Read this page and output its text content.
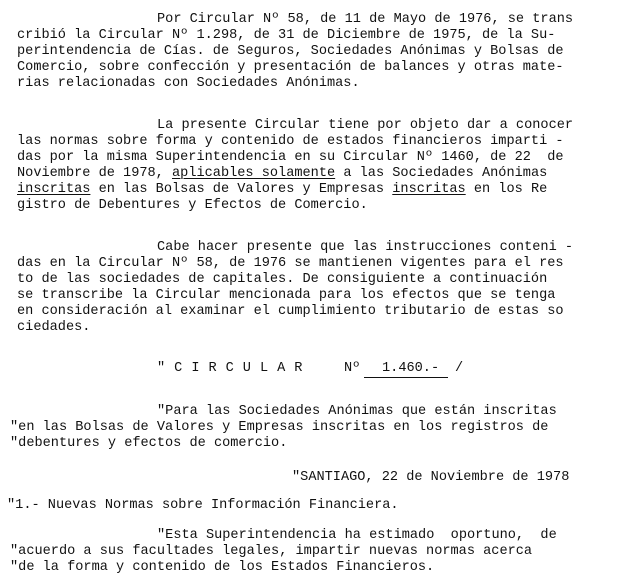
Por Circular Nº 58, de 11 de Mayo de 1976, se trans

cribió la Circular Nº 1.298, de 31 de Diciembre de 1975, de la Su-

perintendencia de Cías. de Seguros, Sociedades Anónimas y Bolsas de

Comercio, sobre confección y presentación de balances y otras mate-

rias relacionadas con Sociedades Anónimas.

La presente Circular tiene por objeto dar a conocer

las normas sobre forma y contenido de estados financieros imparti -

das por la misma Superintendencia en su Circular Nº 1460, de 22  de

Noviembre de 1978, aplicables solamente a las Sociedades Anónimas

inscritas en las Bolsas de Valores y Empresas inscritas en los Re

gistro de Debentures y Efectos de Comercio.

Cabe hacer presente que las instrucciones conteni -

das en la Circular Nº 58, de 1976 se mantienen vigentes para el res

to de las sociedades de capitales. De consiguiente a continuación

se transcribe la Circular mencionada para los efectos que se tenga

en consideración al examinar el cumplimiento tributario de estas so

ciedades.

"CIRCULAR Nº 1.460.- /

"Para las Sociedades Anónimas que están inscritas

"en las Bolsas de Valores y Empresas inscritas en los registros de

"debentures y efectos de comercio.

"SANTIAGO, 22 de Noviembre de 1978

"1.- Nuevas Normas sobre Información Financiera.

"Esta Superintendencia ha estimado  oportuno,  de

"acuerdo a sus facultades legales, impartir nuevas normas acerca

"de la forma y contenido de los Estados Financieros.
